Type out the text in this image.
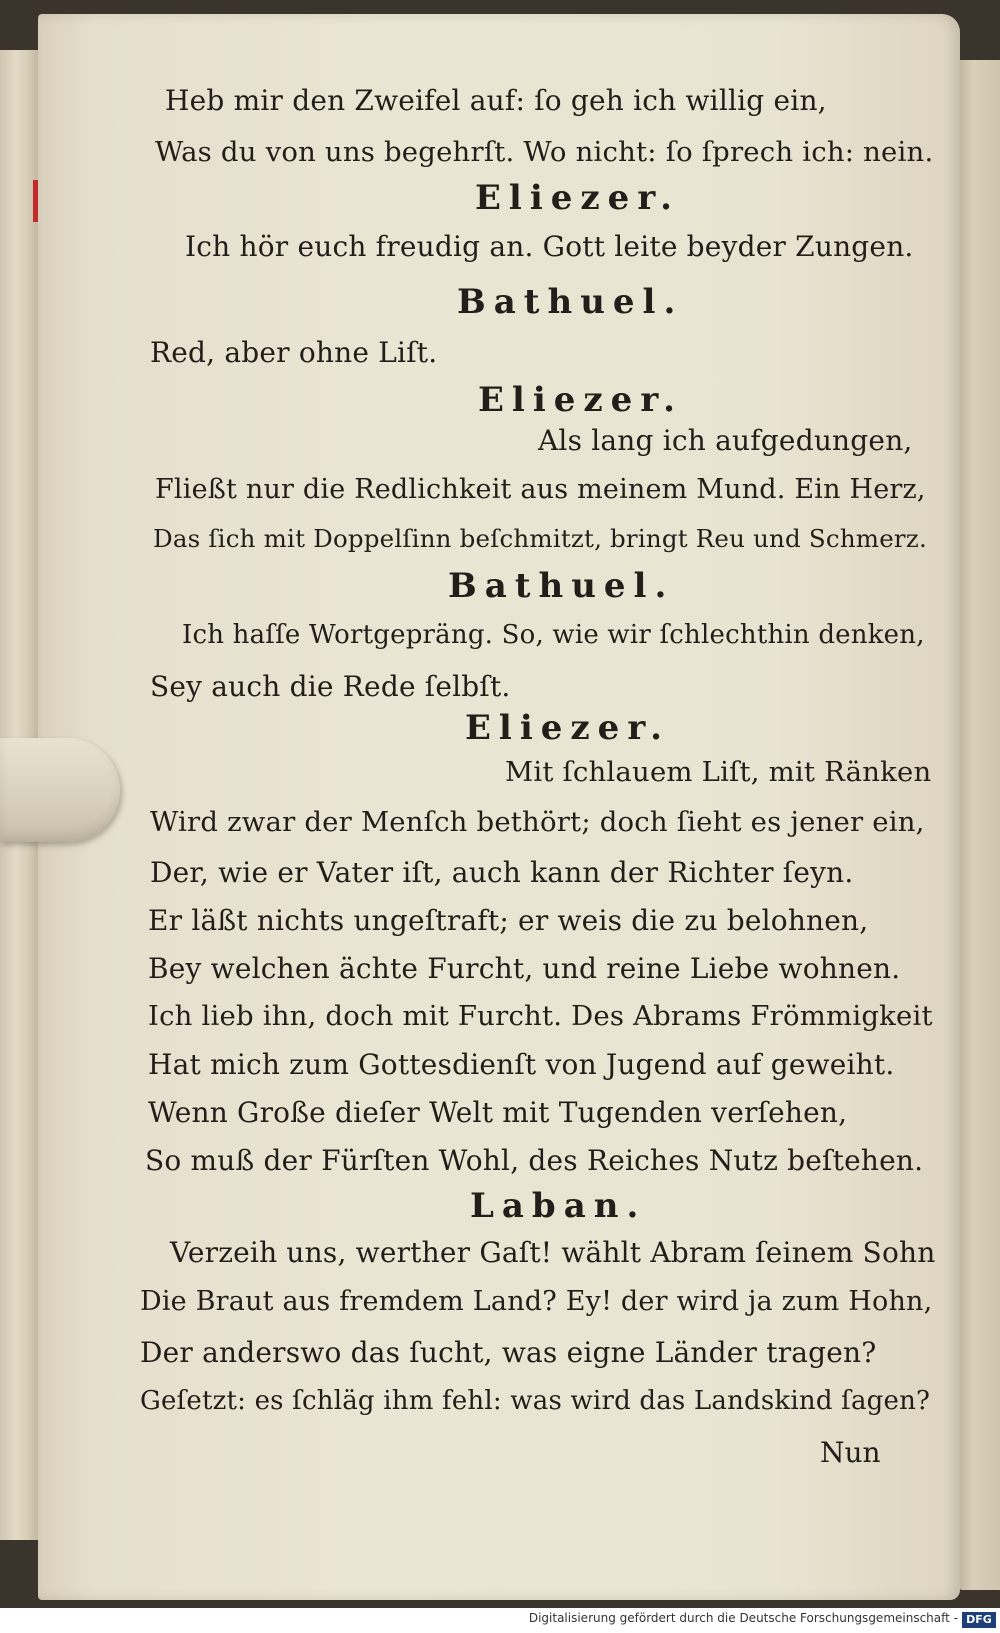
Heb mir den Zweifel auf: ſo geh ich willig ein,
Was du von uns begehrſt. Wo nicht: ſo ſprech ich: nein.
Eliezer.
Ich hör euch freudig an. Gott leite beyder Zungen.
Bathuel.
Red, aber ohne Liſt.
Eliezer.
Als lang ich aufgedungen,
Fließt nur die Redlichkeit aus meinem Mund. Ein Herz,
Das ſich mit Doppelſinn beſchmitzt, bringt Reu und Schmerz.
Bathuel.
Ich haſſe Wortgepräng. So, wie wir ſchlechthin denken,
Sey auch die Rede ſelbſt.
Eliezer.
Mit ſchlauem Liſt, mit Ränken
Wird zwar der Menſch bethört; doch ſieht es jener ein,
Der, wie er Vater iſt, auch kann der Richter ſeyn.
Er läßt nichts ungeſtraft; er weis die zu belohnen,
Bey welchen ächte Furcht, und reine Liebe wohnen.
Ich lieb ihn, doch mit Furcht. Des Abrams Frömmigkeit
Hat mich zum Gottesdienſt von Jugend auf geweiht.
Wenn Große dieſer Welt mit Tugenden verſehen,
So muß der Fürſten Wohl, des Reiches Nutz beſtehen.
Laban.
Verzeih uns, werther Gaſt! wählt Abram ſeinem Sohn
Die Braut aus fremdem Land? Ey! der wird ja zum Hohn,
Der anderswo das ſucht, was eigne Länder tragen?
Geſetzt: es ſchläg ihm fehl: was wird das Landskind ſagen?
Nun
Digitalisierung gefördert durch die Deutsche Forschungsgemeinschaft - DFG
